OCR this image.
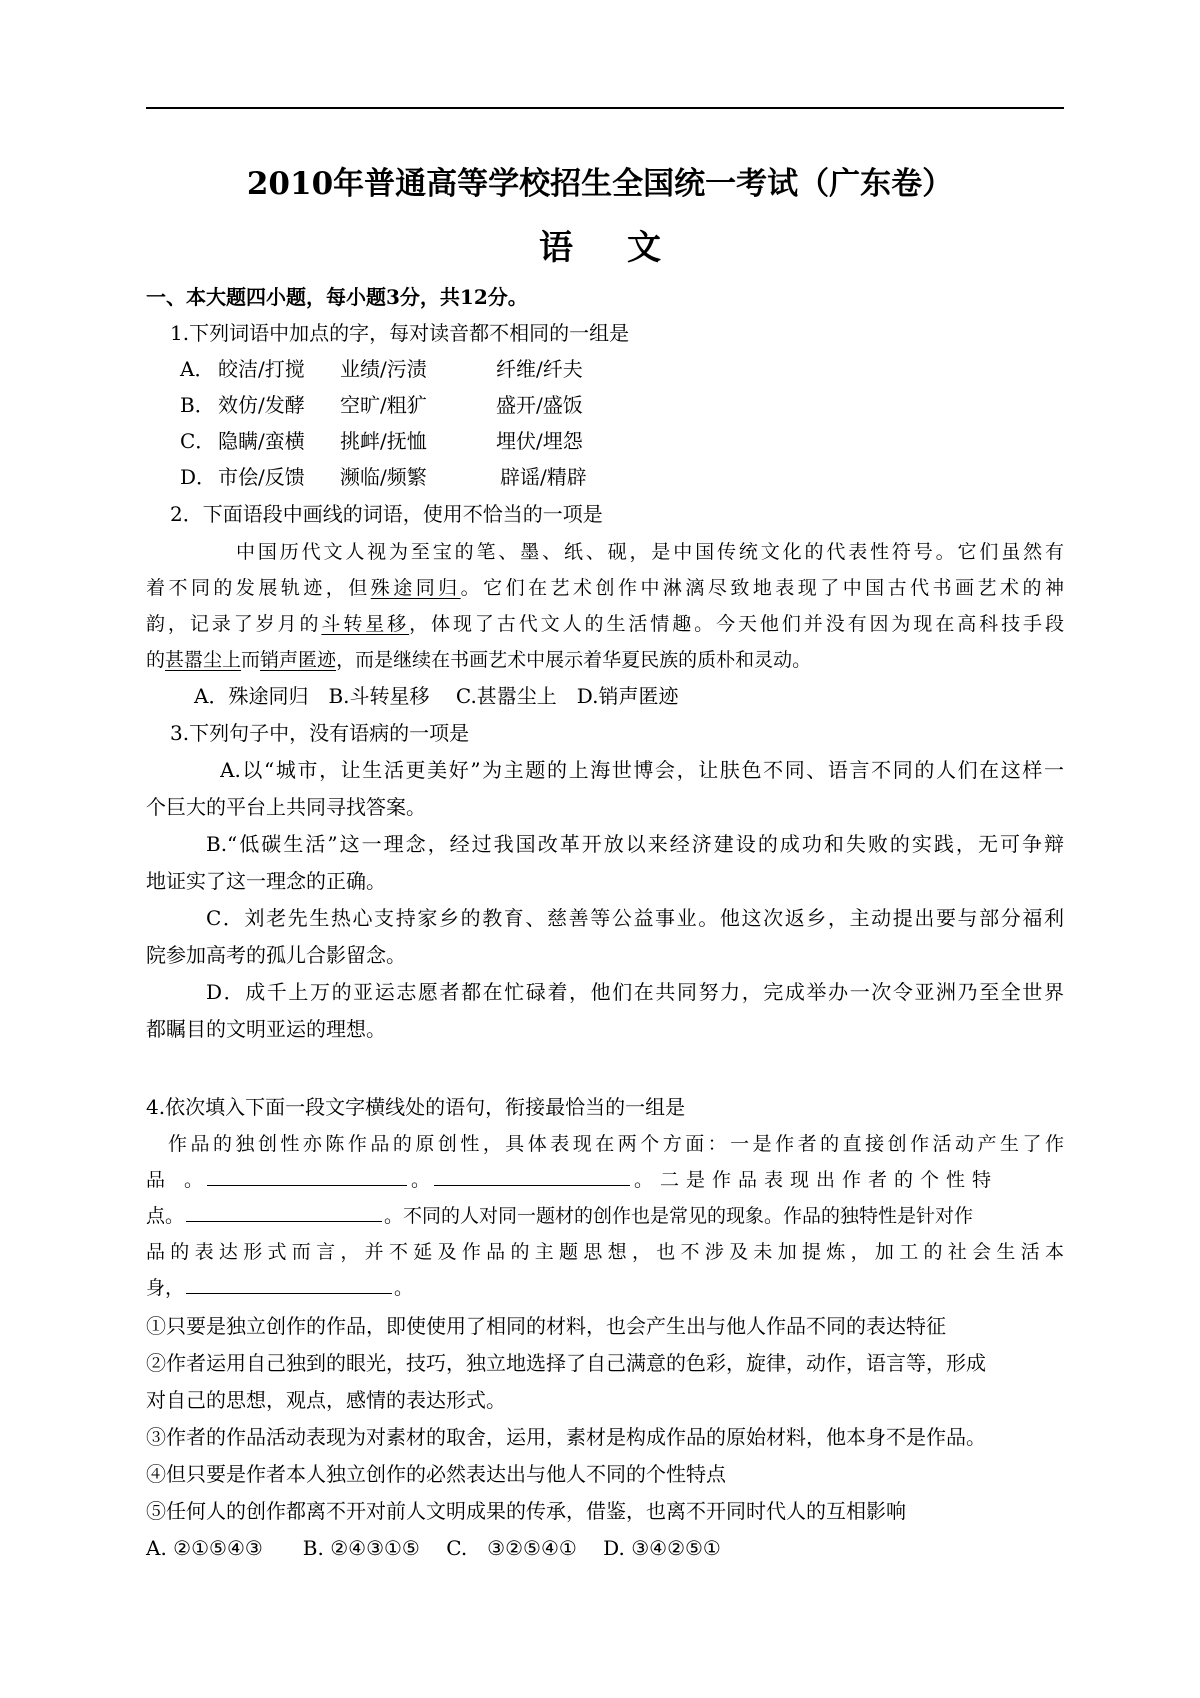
2010年普通高等学校招生全国统一考试（广东卷）
语文
一、本大题四小题，每小题3分，共12分。
1.下列词语中加点的字，每对读音都不相同的一组是
A． 皎洁/打搅 业绩/污渍	纤维/纤夫
B． 效仿/发酵 空旷/粗犷	盛开/盛饭
C． 隐瞒/蛮横 挑衅/抚恤	埋伏/埋怨
D． 市侩/反馈 濒临/频繁	辟谣/精辟
2．下面语段中画线的词语，使用不恰当的一项是
中国历代文人视为至宝的笔、墨、纸、砚，是中国传统文化的代表性符号。它们虽然有
着不同的发展轨迹，但殊途同归。它们在艺术创作中淋漓尽致地表现了中国古代书画艺术的神
韵，记录了岁月的斗转星移，体现了古代文人的生活情趣。今天他们并没有因为现在高科技手段
的甚嚣尘上而销声匿迹，而是继续在书画艺术中展示着华夏民族的质朴和灵动。
A．殊途同归　B.斗转星移　 C.甚嚣尘上　D.销声匿迹
3.下列句子中，没有语病的一项是
A.以“城市，让生活更美好”为主题的上海世博会，让肤色不同、语言不同的人们在这样一
个巨大的平台上共同寻找答案。
B.“低碳生活”这一理念，经过我国改革开放以来经济建设的成功和失败的实践，无可争辩
地证实了这一理念的正确。
C．刘老先生热心支持家乡的教育、慈善等公益事业。他这次返乡，主动提出要与部分福利
院参加高考的孤儿合影留念。
D．成千上万的亚运志愿者都在忙碌着，他们在共同努力，完成举办一次令亚洲乃至全世界
都瞩目的文明亚运的理想。
4.依次填入下面一段文字横线处的语句，衔接最恰当的一组是
作品的独创性亦陈作品的原创性，具体表现在两个方面：一是作者的直接创作活动产生了作
品　。	。	。二是作品表现出作者的个性特
点。	。不同的人对同一题材的创作也是常见的现象。作品的独特性是针对作
品的表达形式而言，并不延及作品的主题思想，也不涉及未加提炼，加工的社会生活本
身，	。
①只要是独立创作的作品，即使使用了相同的材料，也会产生出与他人作品不同的表达特征
②作者运用自己独到的眼光，技巧，独立地选择了自己满意的色彩，旋律，动作，语言等，形成
对自己的思想，观点，感情的表达形式。
③作者的作品活动表现为对素材的取舍，运用，素材是构成作品的原始材料，他本身不是作品。
④但只要是作者本人独立创作的必然表达出与他人不同的个性特点
⑤任何人的创作都离不开对前人文明成果的传承，借鉴，也离不开同时代人的互相影响
A. ②①⑤④③　　B. ②④③①⑤　 C.　③②⑤④①　 D. ③④②⑤①
